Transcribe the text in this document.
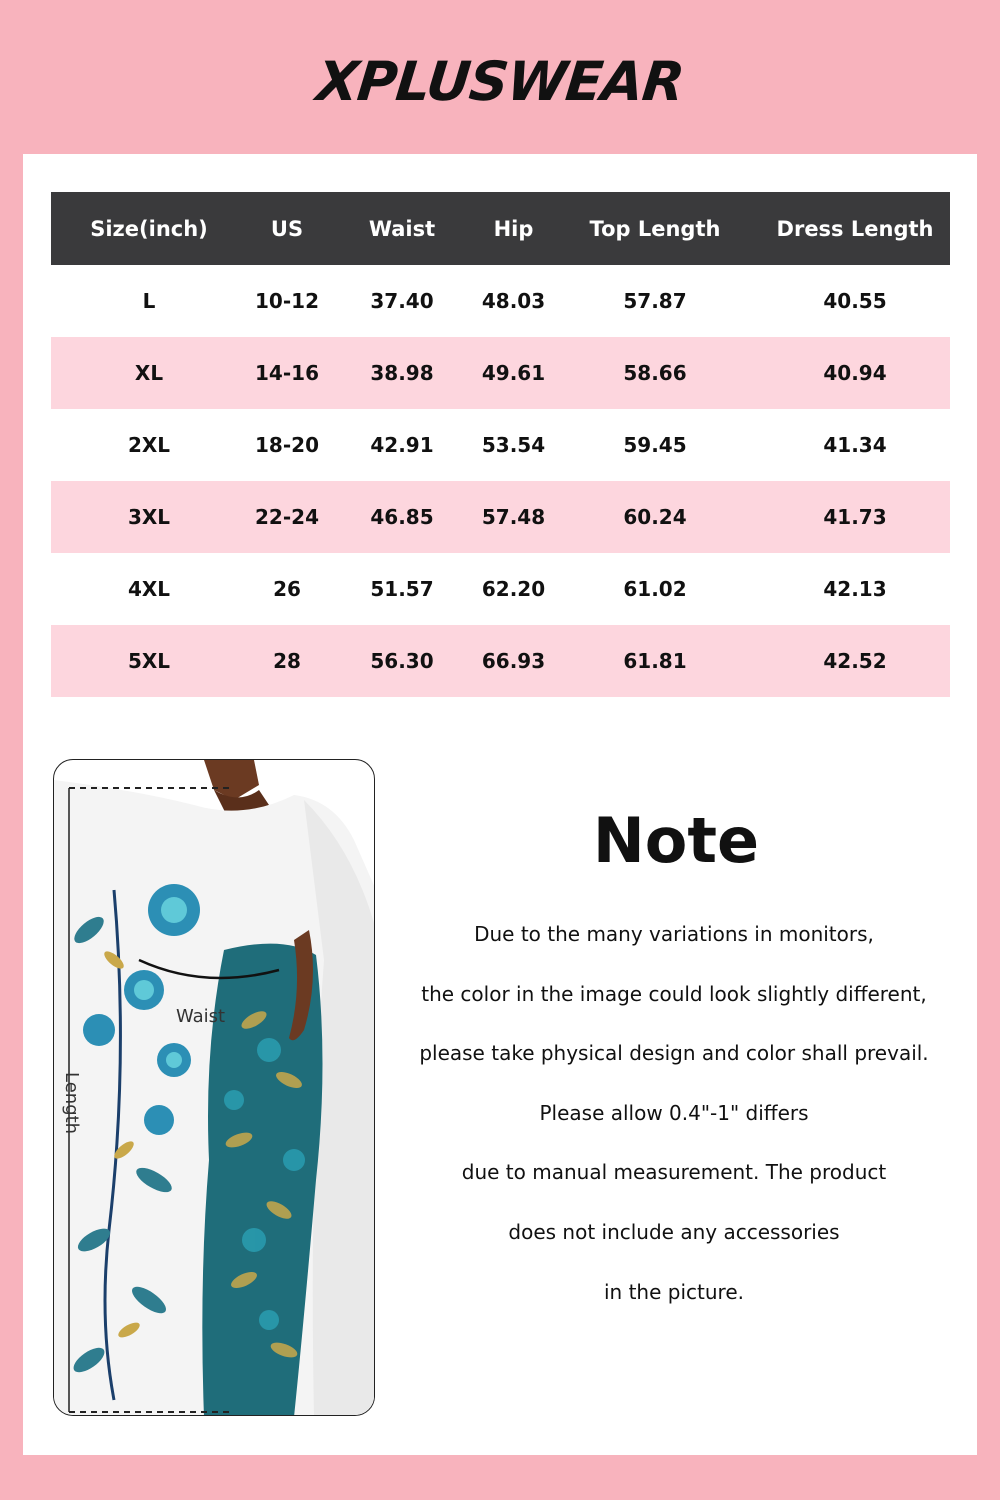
XPLUSWEAR
Size(inch)	US	Waist	Hip	Top Length	Dress Length
L	10-12	37.40	48.03	57.87	40.55
XL	14-16	38.98	49.61	58.66	40.94
2XL	18-20	42.91	53.54	59.45	41.34
3XL	22-24	46.85	57.48	60.24	41.73
4XL	26	51.57	62.20	61.02	42.13
5XL	28	56.30	66.93	61.81	42.52
Waist
Length
Note
Due to the many variations in monitors,
the color in the image could look slightly different,
please take physical design and color shall prevail.
Please allow 0.4"-1" differs
due to manual measurement. The product
does not include any accessories
in the picture.
